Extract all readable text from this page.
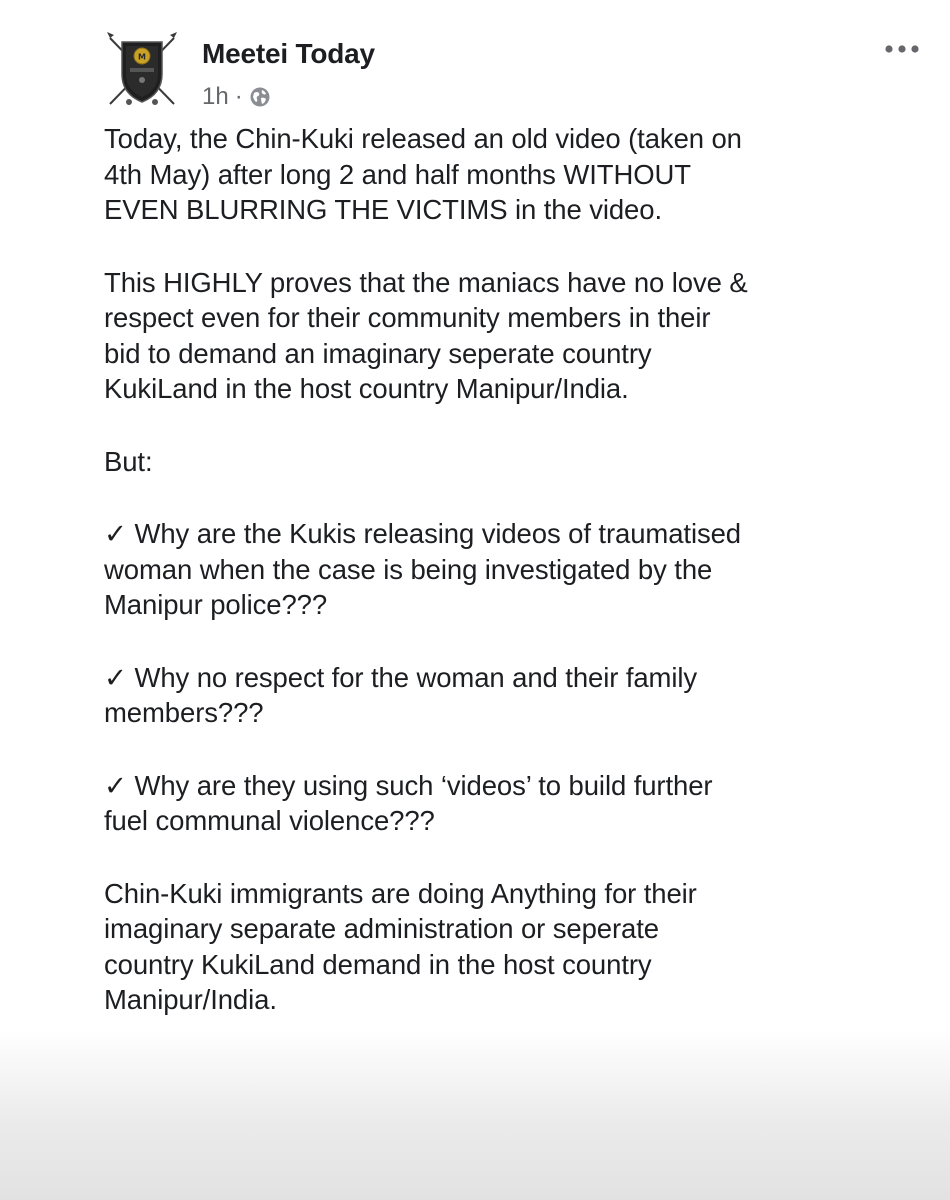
M Meetei Today
1h ·

Today, the Chin-Kuki released an old video (taken on
4th May) after long 2 and half months WITHOUT
EVEN BLURRING THE VICTIMS in the video.

This HIGHLY proves that the maniacs have no love &
respect even for their community members in their
bid to demand an imaginary seperate country
KukiLand in the host country Manipur/India.

But:

✓ Why are the Kukis releasing videos of traumatised
woman when the case is being investigated by the
Manipur police???

✓ Why no respect for the woman and their family
members???

✓ Why are they using such ‘videos’ to build further
fuel communal violence???

Chin-Kuki immigrants are doing Anything for their
imaginary separate administration or seperate
country KukiLand demand in the host country
Manipur/India.
